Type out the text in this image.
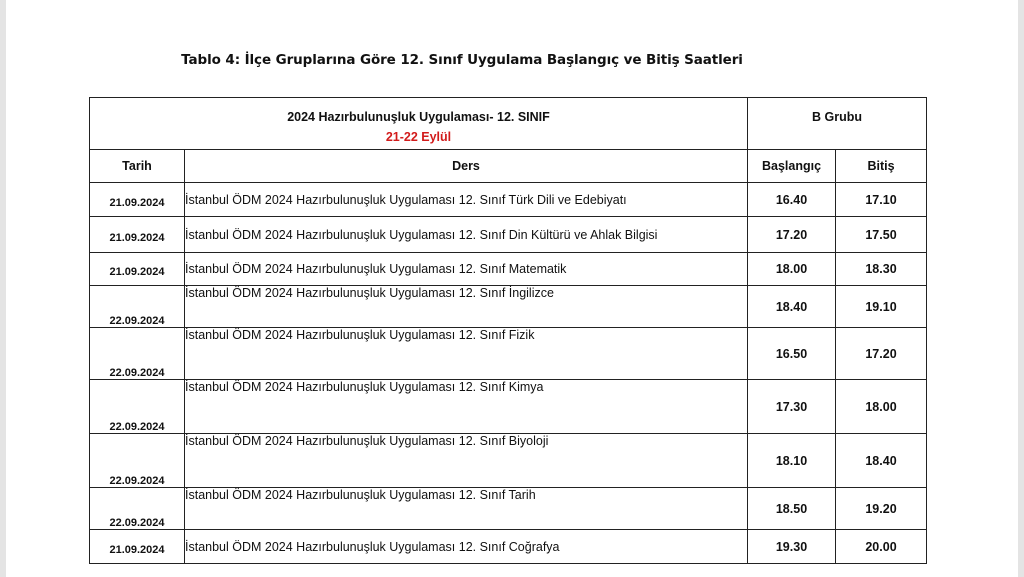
Tablo 4: İlçe Gruplarına Göre 12. Sınıf Uygulama Başlangıç ve Bitiş Saatleri
2024 Hazırbulunuşluk Uygulaması- 12. SINIF
21-22 Eylül		B Grubu	

Tarih	Ders	Başlangıç	Bitiş
21.09.2024	İstanbul ÖDM 2024 Hazırbulunuşluk Uygulaması 12. Sınıf Türk Dili ve Edebiyatı	16.40	17.10
21.09.2024	İstanbul ÖDM 2024 Hazırbulunuşluk Uygulaması 12. Sınıf Din Kültürü ve Ahlak Bilgisi	17.20	17.50
21.09.2024	İstanbul ÖDM 2024 Hazırbulunuşluk Uygulaması 12. Sınıf Matematik	18.00	18.30
22.09.2024	İstanbul ÖDM 2024 Hazırbulunuşluk Uygulaması 12. Sınıf İngilizce	18.40	19.10
22.09.2024	İstanbul ÖDM 2024 Hazırbulunuşluk Uygulaması 12. Sınıf Fizik	16.50	17.20
22.09.2024	İstanbul ÖDM 2024 Hazırbulunuşluk Uygulaması 12. Sınıf Kimya	17.30	18.00
22.09.2024	İstanbul ÖDM 2024 Hazırbulunuşluk Uygulaması 12. Sınıf Biyoloji	18.10	18.40
22.09.2024	İstanbul ÖDM 2024 Hazırbulunuşluk Uygulaması 12. Sınıf Tarih	18.50	19.20
21.09.2024	İstanbul ÖDM 2024 Hazırbulunuşluk Uygulaması 12. Sınıf Coğrafya	19.30	20.00
